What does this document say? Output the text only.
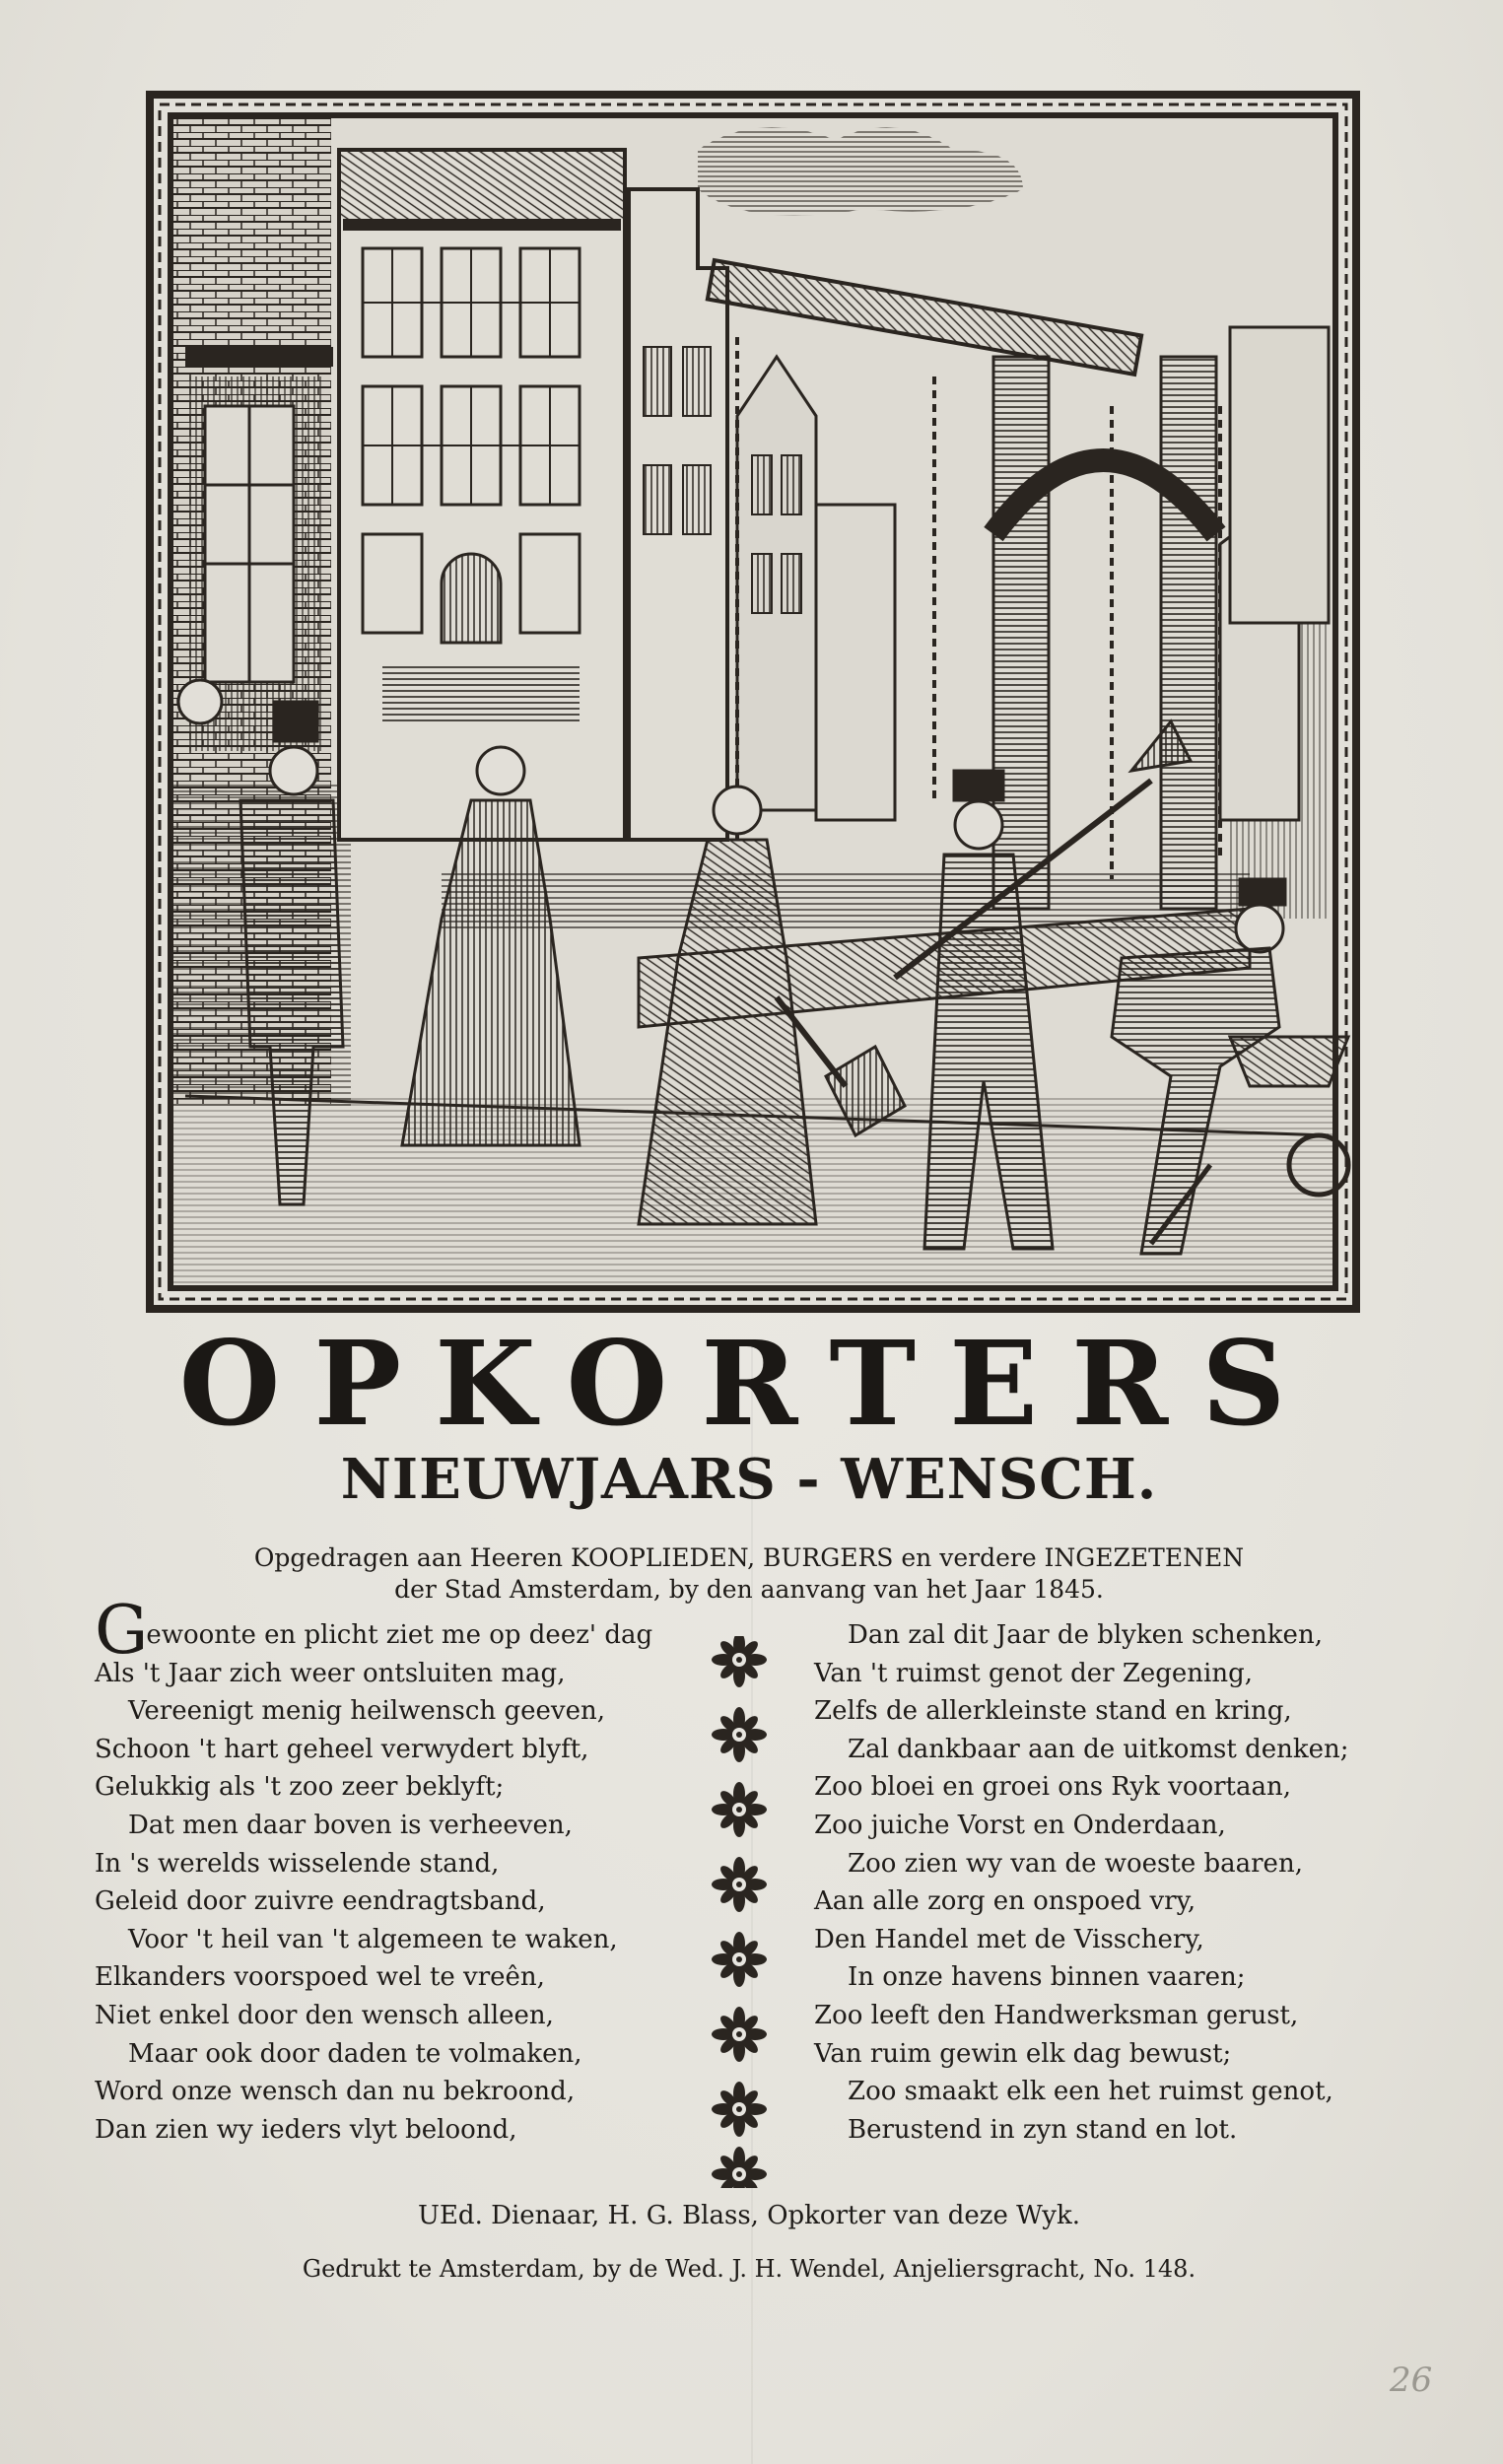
OPKORTERS
NIEUWJAARS - WENSCH.
Opgedragen aan Heeren KOOPLIEDEN, BURGERS en verdere INGEZETENEN
der Stad Amsterdam, by den aanvang van het Jaar 1845.
Gewoonte en plicht ziet me op deez' dag
Als 't Jaar zich weer ontsluiten mag,
Vereenigt menig heilwensch geeven,
Schoon 't hart geheel verwydert blyft,
Gelukkig als 't zoo zeer beklyft;
Dat men daar boven is verheeven,
In 's werelds wisselende stand,
Geleid door zuivre eendragtsband,
Voor 't heil van 't algemeen te waken,
Elkanders voorspoed wel te vreên,
Niet enkel door den wensch alleen,
Maar ook door daden te volmaken,
Word onze wensch dan nu bekroond,
Dan zien wy ieders vlyt beloond,
Dan zal dit Jaar de blyken schenken,
Van 't ruimst genot der Zegening,
Zelfs de allerkleinste stand en kring,
Zal dankbaar aan de uitkomst denken;
Zoo bloei en groei ons Ryk voortaan,
Zoo juiche Vorst en Onderdaan,
Zoo zien wy van de woeste baaren,
Aan alle zorg en onspoed vry,
Den Handel met de Visschery,
In onze havens binnen vaaren;
Zoo leeft den Handwerksman gerust,
Van ruim gewin elk dag bewust;
Zoo smaakt elk een het ruimst genot,
Berustend in zyn stand en lot.
UEd. Dienaar, H. G. Blass, Opkorter van deze Wyk.
Gedrukt te Amsterdam, by de Wed. J. H. Wendel, Anjeliersgracht, No. 148.
26
